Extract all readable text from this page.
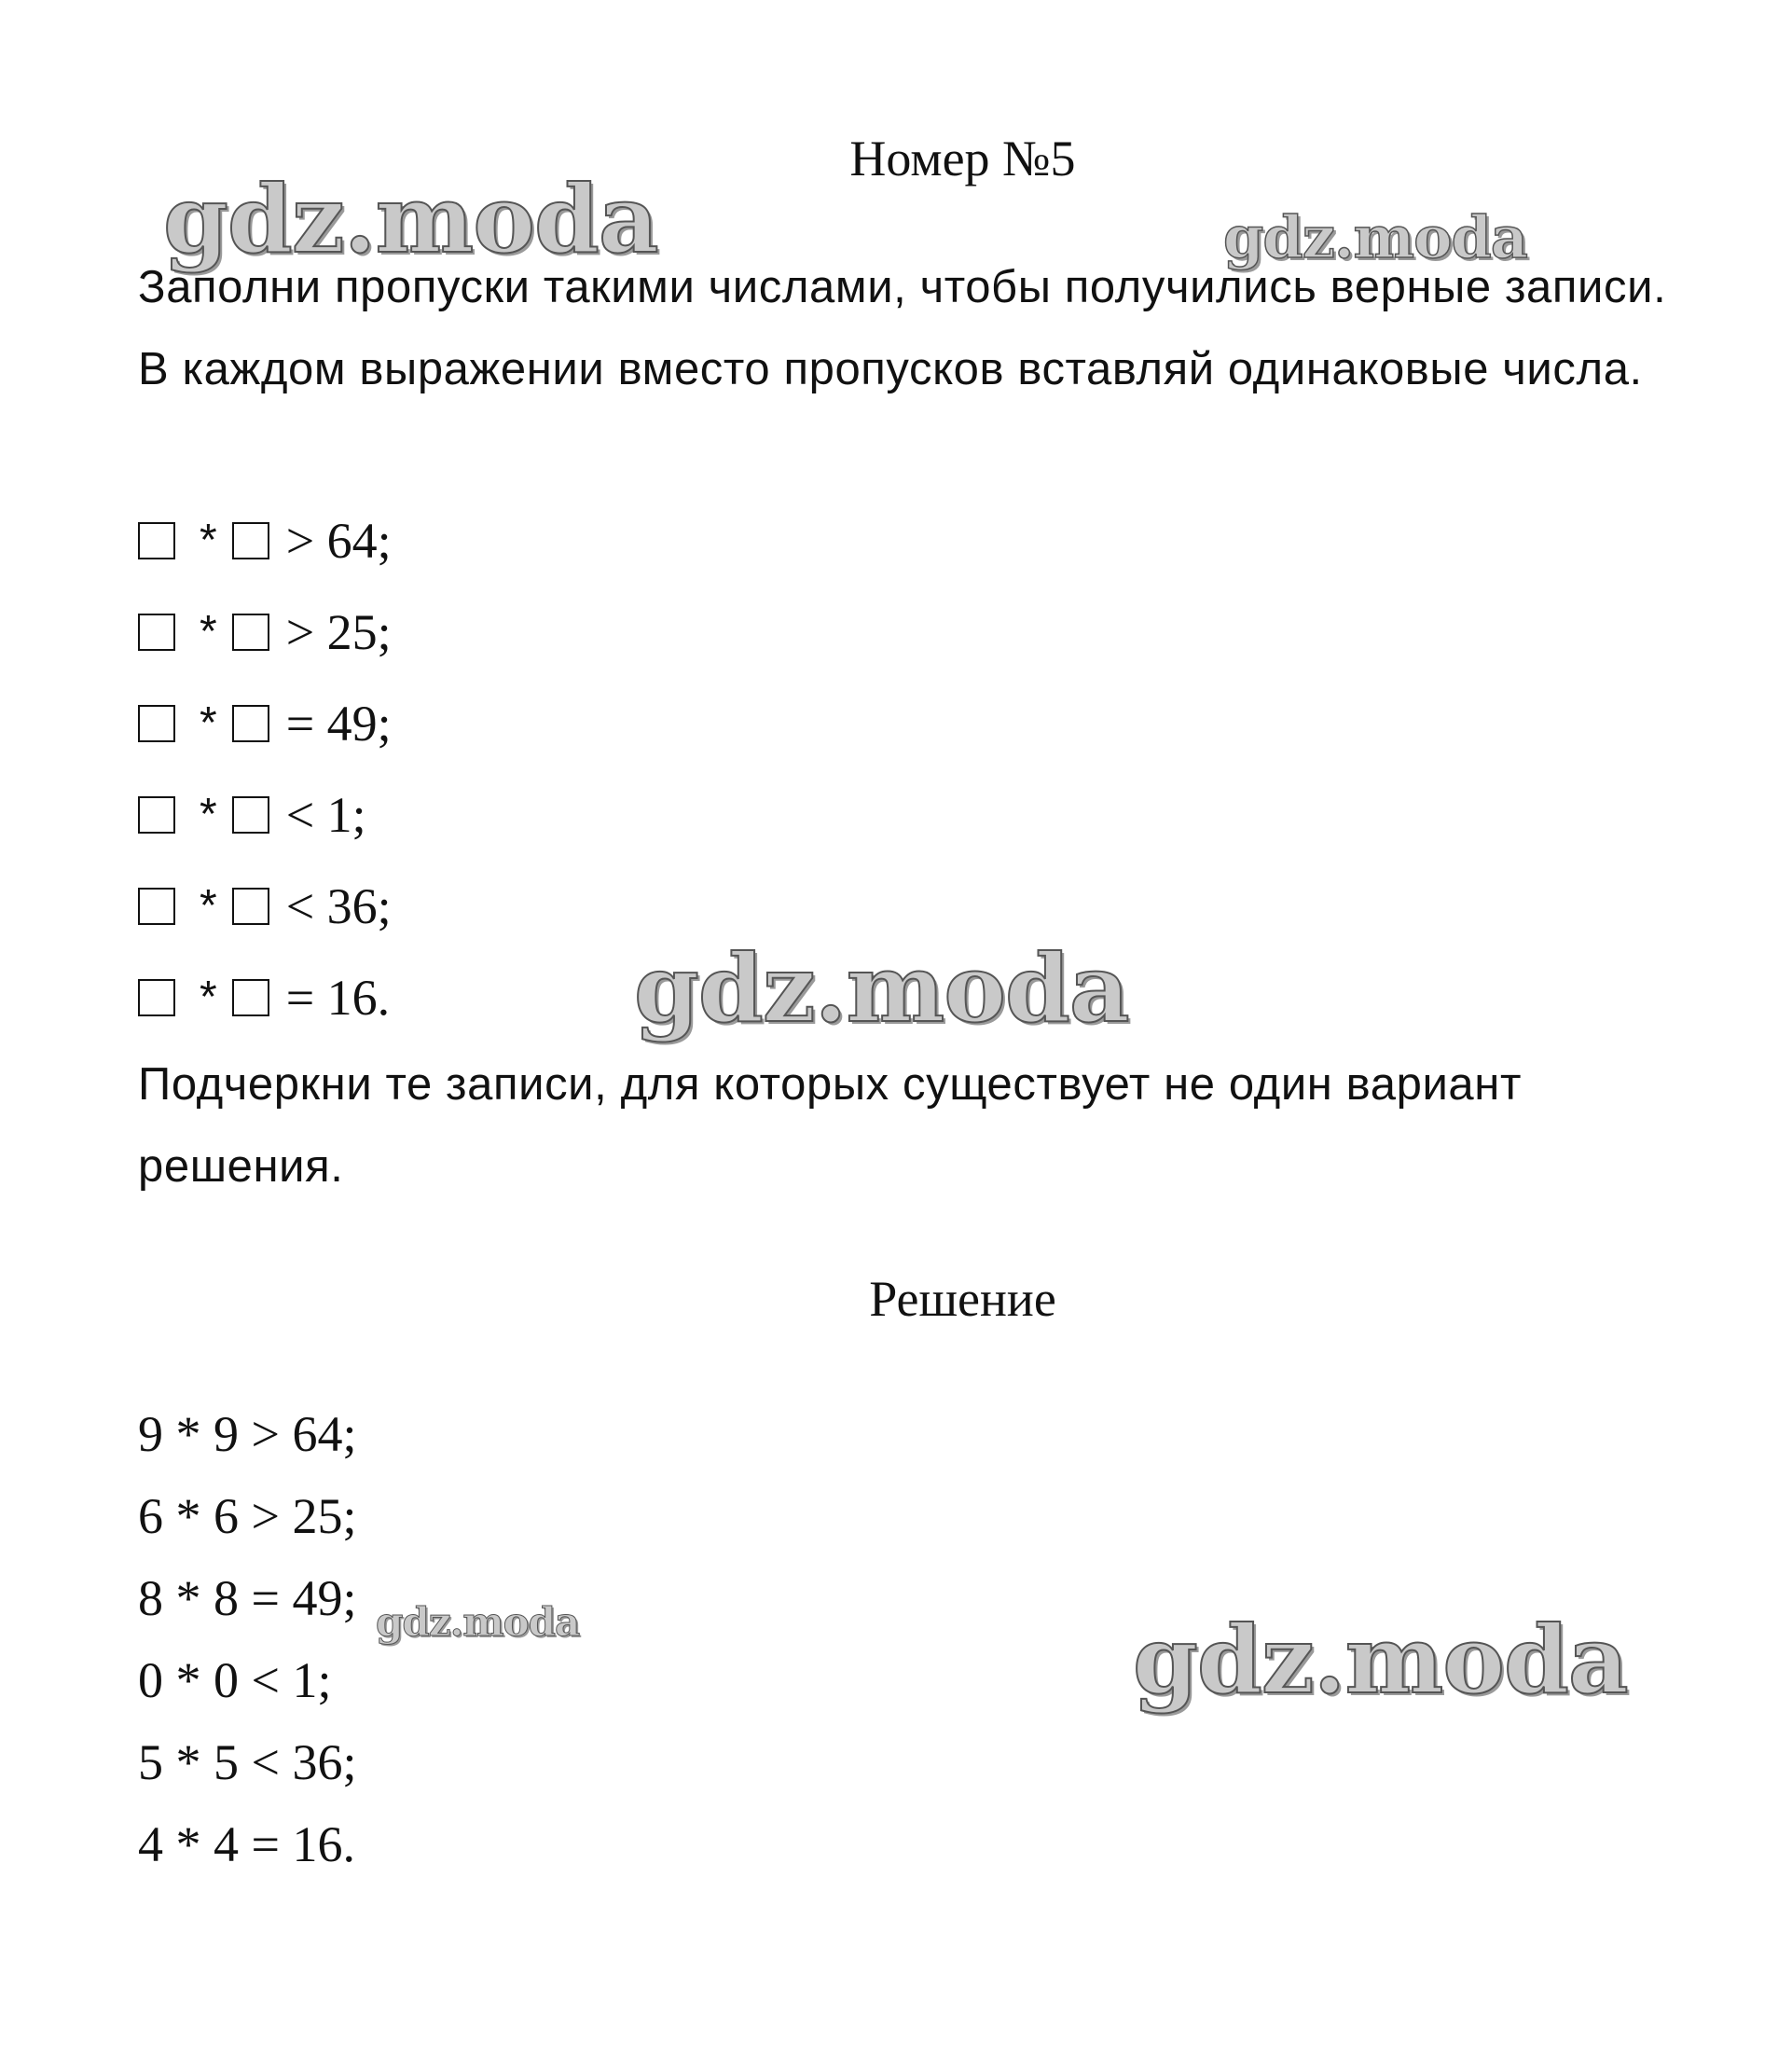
Номер №5
Заполни пропуски такими числами, чтобы получились верные записи. В каждом выражении вместо пропусков вставляй одинаковые числа.
* > 64;
* > 25;
* = 49;
* < 1;
* < 36;
* = 16.
Подчеркни те записи, для которых существует не один вариант решения.
Решение
9 * 9 > 64;
6 * 6 > 25;
8 * 8 = 49;
0 * 0 < 1;
5 * 5 < 36;
4 * 4 = 16.
gdz.moda	gdz.moda
gdz.moda
gdz.moda	gdz.moda
